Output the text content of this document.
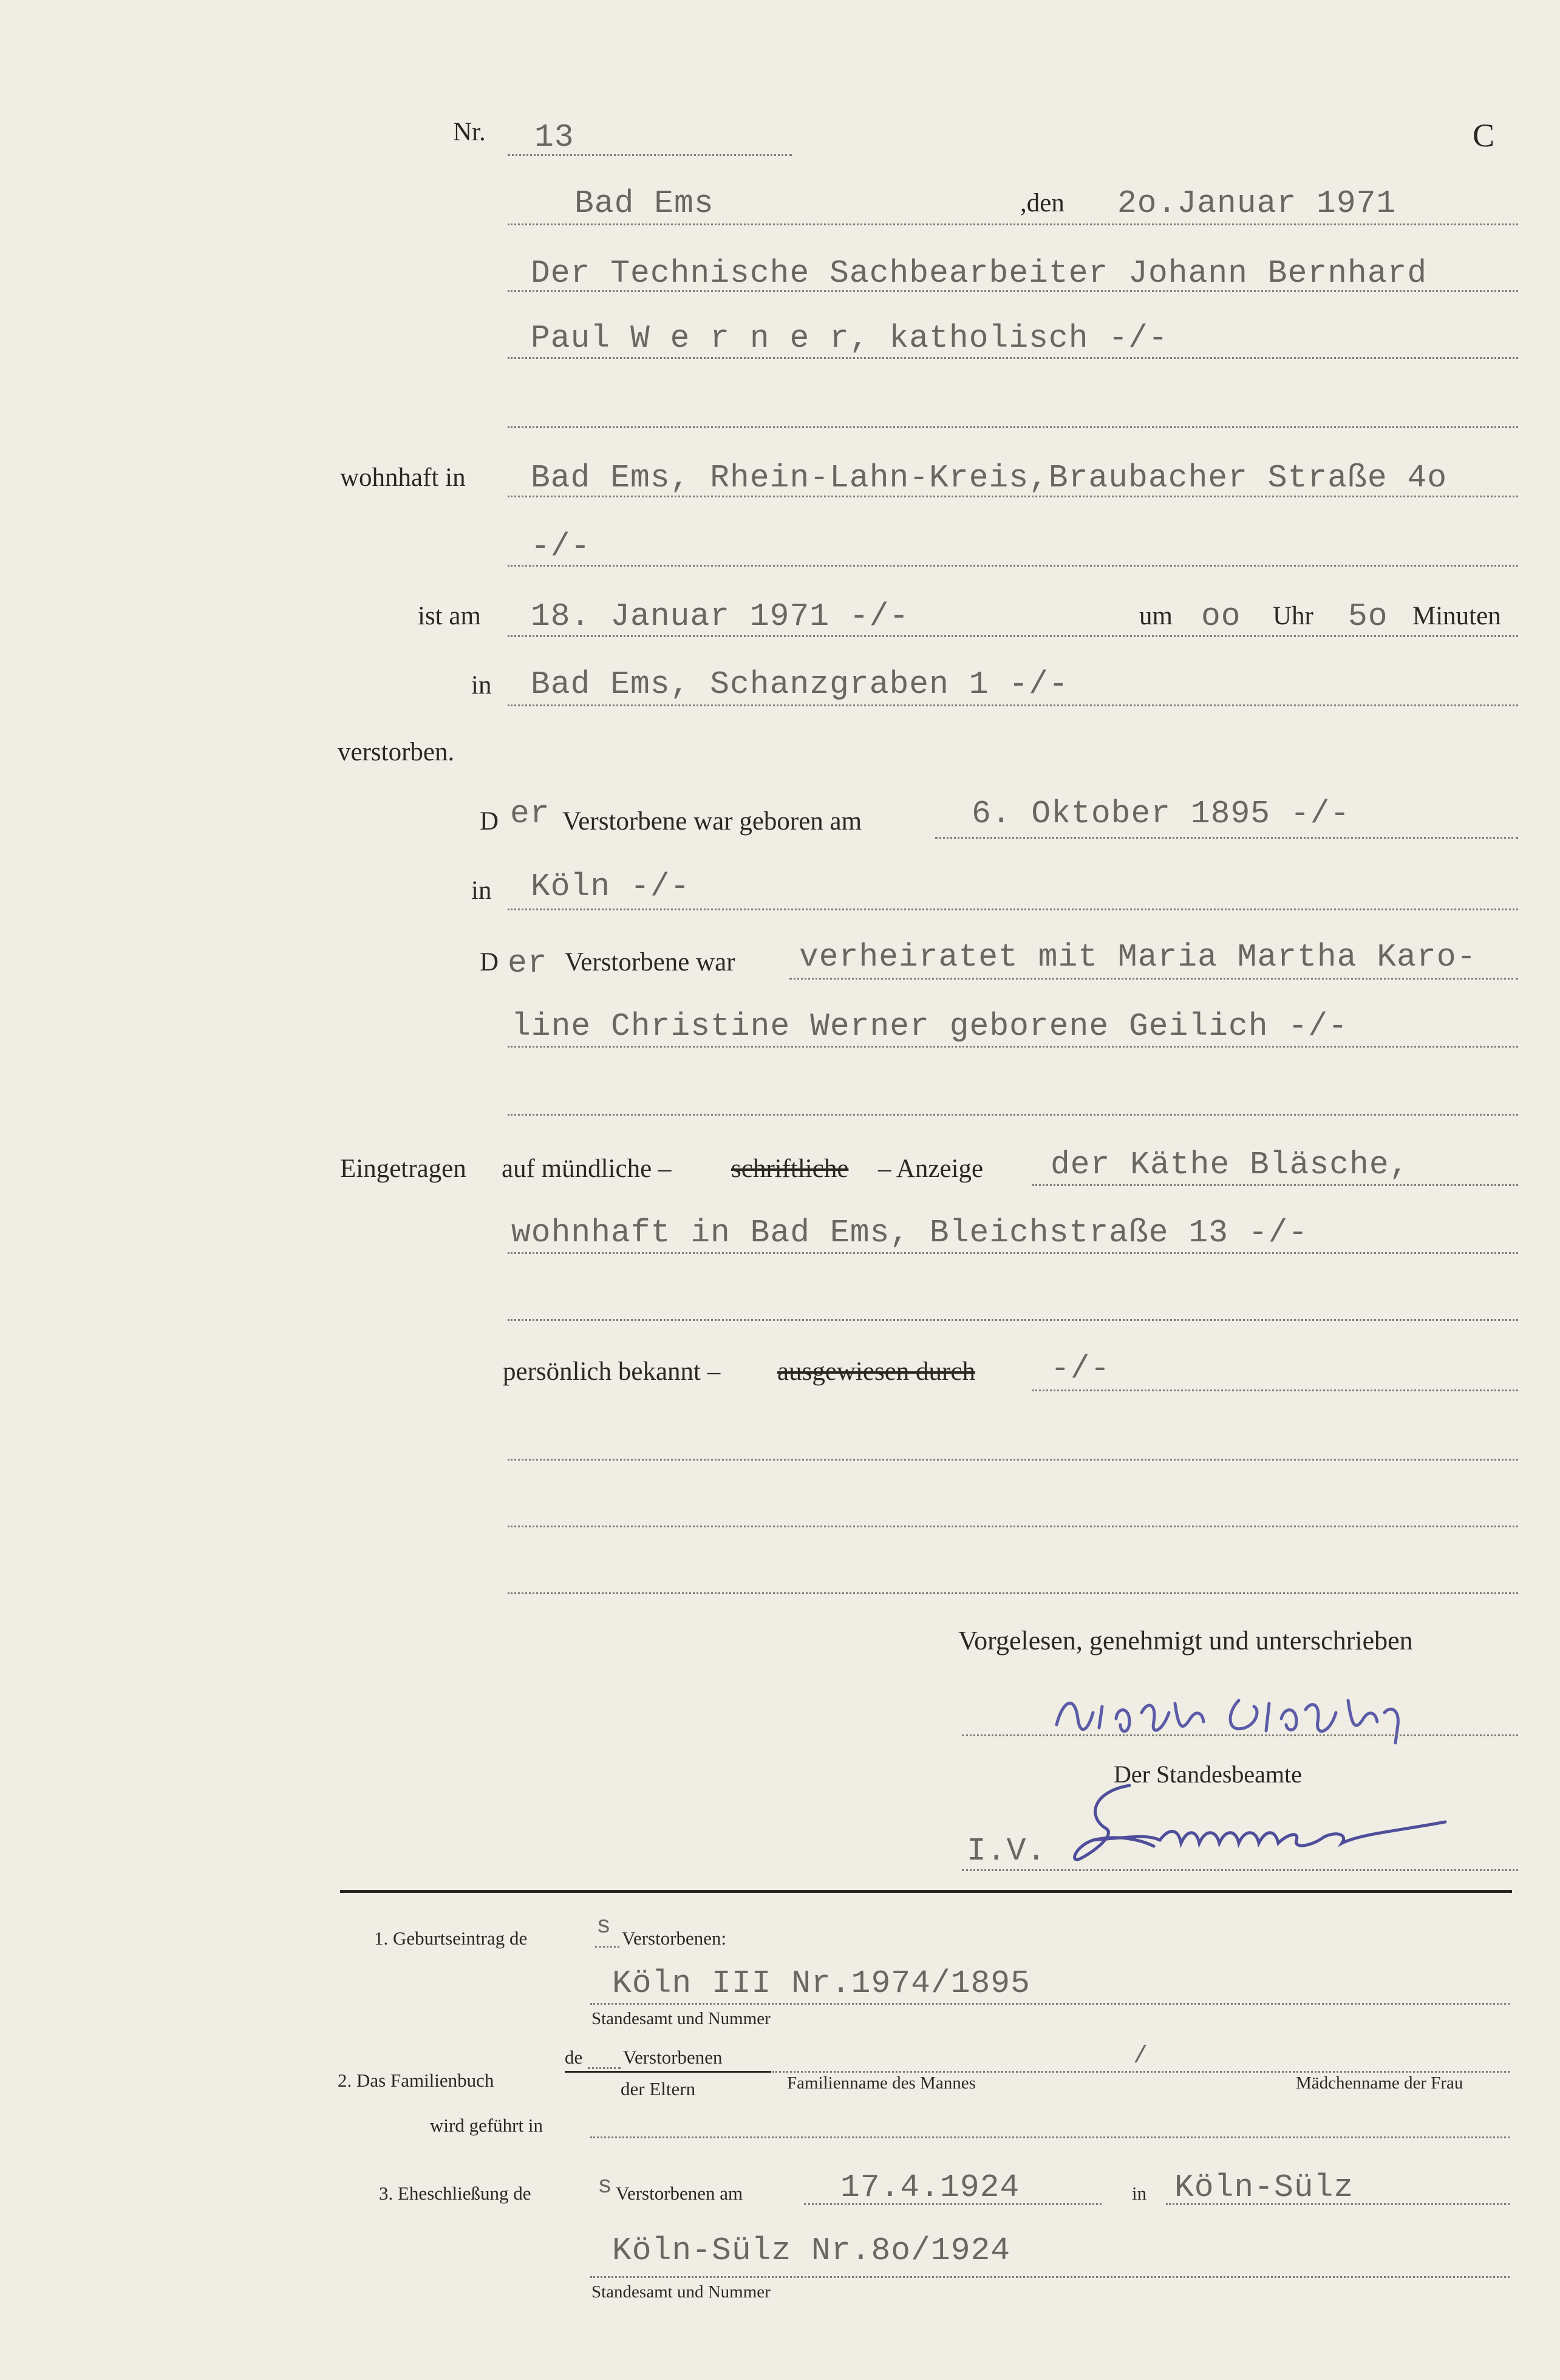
Nr. 13	C
Bad Ems	,den 2o.Januar 1971
Der Technische Sachbearbeiter Johann Bernhard
Paul W e r n e r, katholisch -/-
wohnhaft in Bad Ems, Rhein-Lahn-Kreis,Braubacher Straße 4o
-/-
ist am 18. Januar 1971 -/-	um oo Uhr 5o Minuten
in Bad Ems, Schanzgraben 1 -/-
verstorben.
D er Verstorbene war geboren am	6. Oktober 1895 -/-
in Köln -/-
D er Verstorbene war verheiratet mit Maria Martha Karo-
line Christine Werner geborene Geilich -/-
Eingetragen auf mündliche – schriftliche – Anzeige der Käthe Bläsche,
wohnhaft in Bad Ems, Bleichstraße 13 -/-
persönlich bekannt – ausgewiesen durch -/-
Vorgelesen, genehmigt und unterschrieben
Der Standesbeamte
I.V.
1. Geburtseintrag de	s Verstorbenen:
Köln III Nr.1974/1895
Standesamt und Nummer
2. Das Familienbuch
de Verstorbenen	/
der Eltern	Familienname des Mannes	Mädchenname der Frau
wird geführt in
3. Eheschließung de	s Verstorbenen am	17.4.1924	in Köln-Sülz
Köln-Sülz Nr.8o/1924
Standesamt und Nummer
